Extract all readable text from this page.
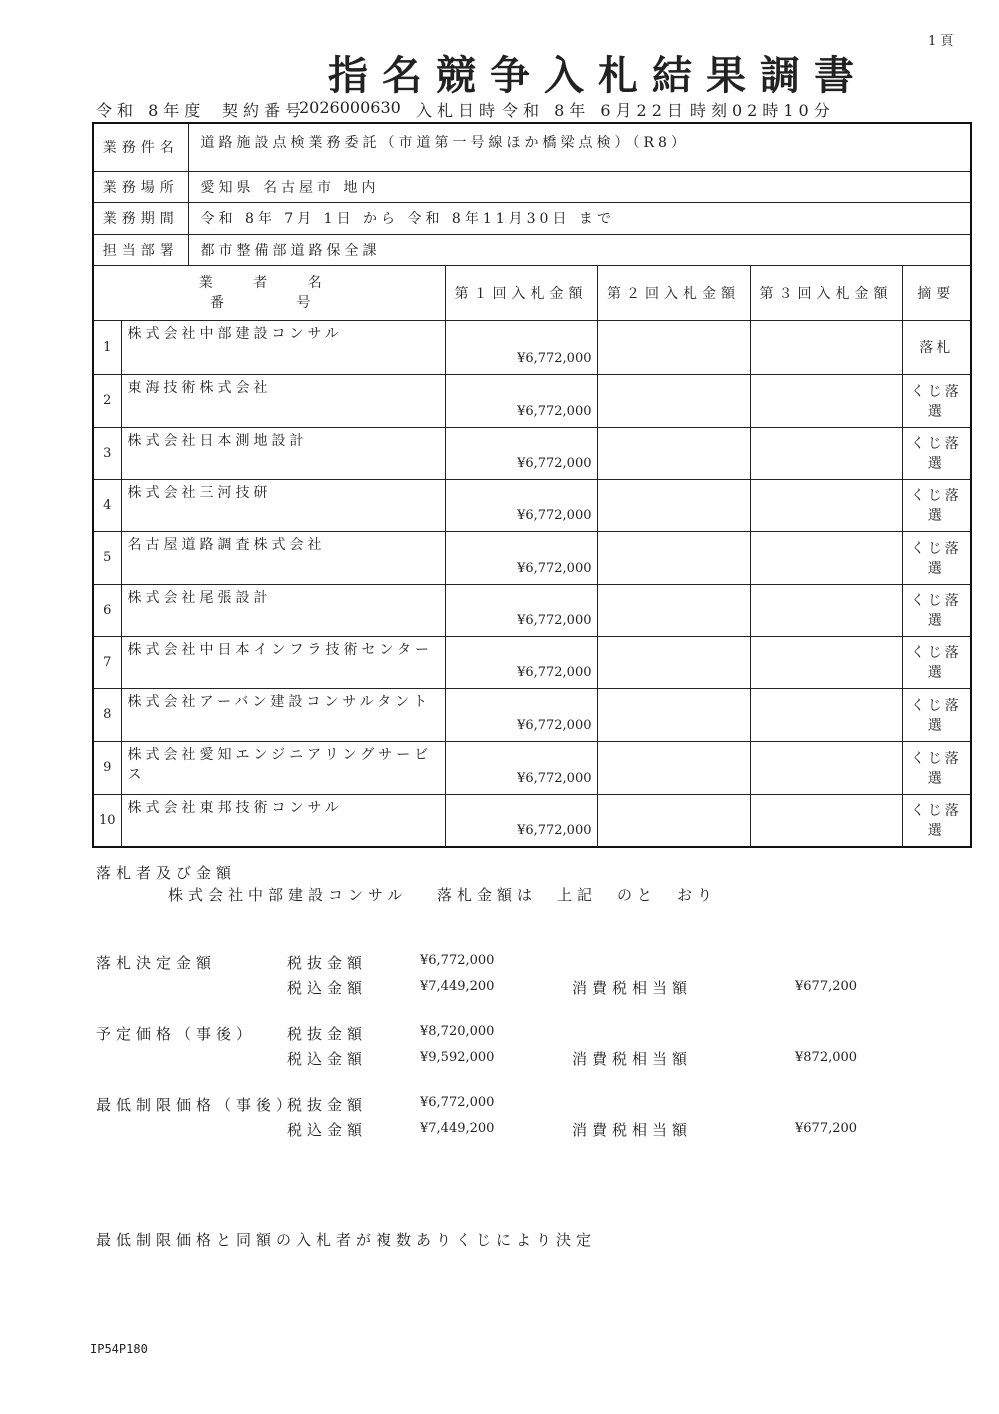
1 頁
指名競争入札結果調書
令和 8年度 契約番号
2026000630 入札日時 令和 8年 6月22日 時刻02時10分
業務件名		道路施設点検業務委託（市道第一号線ほか橋梁点検）（R8）				
業務場所		愛知県 名古屋市 地内				
業務期間		令和 8年 7月 1日 から 令和 8年11月30日 まで				
担当部署		都市整備部道路保全課				

業 者 名
番　 号			第１回入札金額	第２回入札金額	第３回入札金額	摘要
1	株式会社中部建設コンサル		¥6,772,000			落札
2	東海技術株式会社		¥6,772,000			くじ落選
3	株式会社日本測地設計		¥6,772,000			くじ落選
4	株式会社三河技研		¥6,772,000			くじ落選
5	名古屋道路調査株式会社		¥6,772,000			くじ落選
6	株式会社尾張設計		¥6,772,000			くじ落選
7	株式会社中日本インフラ技術センター		¥6,772,000			くじ落選
8	株式会社アーバン建設コンサルタント		¥6,772,000			くじ落選
9	株式会社愛知エンジニアリングサービス		¥6,772,000			くじ落選
10	株式会社東邦技術コンサル		¥6,772,000			くじ落選
落札者及び金額
株式会社中部建設コンサル　 落札金額は　上記　のと　おり
落札決定金額	税抜金額	¥6,772,000
税込金額	¥7,449,200	消費税相当額	¥677,200
予定価格（事後） 税抜金額	¥8,720,000
税込金額	¥9,592,000	消費税相当額	¥872,000
最低制限価格（事後）
税抜金額	¥6,772,000
税込金額	¥7,449,200	消費税相当額	¥677,200
最低制限価格と同額の入札者が複数ありくじにより決定
IP54P180
